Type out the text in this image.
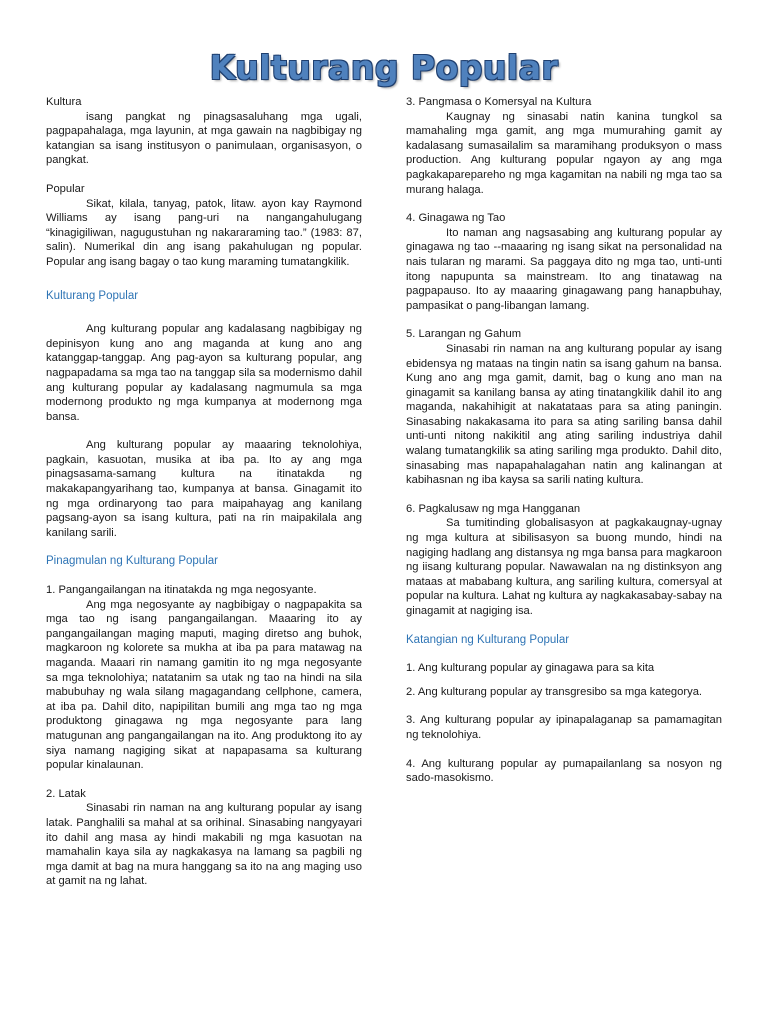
Kulturang Popular

Kultura

isang pangkat ng pinagsasaluhang mga ugali, pagpapahalaga, mga layunin, at mga gawain na nagbibigay ng katangian sa isang institusyon o panimulaan, organisasyon, o pangkat.

Popular

Sikat, kilala, tanyag, patok, litaw. ayon kay Raymond Williams ay isang pang-uri na nangangahulugang “kinagigiliwan, nagugustuhan ng nakararaming tao.” (1983: 87, salin). Numerikal din ang isang pakahulugan ng popular. Popular ang isang bagay o tao kung maraming tumatangkilik.

Kulturang Popular

Ang kulturang popular ang kadalasang nagbibigay ng depinisyon kung ano ang maganda at kung ano ang katanggap-tanggap. Ang pag-ayon sa kulturang popular, ang nagpapadama sa mga tao na tanggap sila sa modernismo dahil ang kulturang popular ay kadalasang nagmumula sa mga modernong produkto ng mga kumpanya at modernong mga bansa.

Ang kulturang popular ay maaaring teknolohiya, pagkain, kasuotan, musika at iba pa. Ito ay ang mga pinagsasama-samang kultura na itinatakda ng makakapangyarihang tao, kumpanya at bansa. Ginagamit ito ng mga ordinaryong tao para maipahayag ang kanilang pagsang-ayon sa isang kultura, pati na rin maipakilala ang kanilang sarili.

Pinagmulan ng Kulturang Popular

1. Pangangailangan na itinatakda ng mga negosyante.

Ang mga negosyante ay nagbibigay o nagpapakita sa mga tao ng isang pangangailangan. Maaaring ito ay pangangailangan maging maputi, maging diretso ang buhok, magkaroon ng kolorete sa mukha at iba pa para matawag na maganda. Maaari rin namang gamitin ito ng mga negosyante sa mga teknolohiya; natatanim sa utak ng tao na hindi na sila mabubuhay ng wala silang magagandang cellphone, camera, at iba pa. Dahil dito, napipilitan bumili ang mga tao ng mga produktong ginagawa ng mga negosyante para lang matugunan ang pangangailangan na ito. Ang produktong ito ay siya namang nagiging sikat at napapasama sa kulturang popular kinalaunan.

2. Latak

Sinasabi rin naman na ang kulturang popular ay isang latak. Panghalili sa mahal at sa orihinal. Sinasabing nangyayari ito dahil ang masa ay hindi makabili ng mga kasuotan na mamahalin kaya sila ay nagkakasya na lamang sa pagbili ng mga damit at bag na mura hanggang sa ito na ang maging uso at gamit na ng lahat.

3. Pangmasa o Komersyal na Kultura

Kaugnay ng sinasabi natin kanina tungkol sa mamahaling mga gamit, ang mga mumurahing gamit ay kadalasang sumasailalim sa maramihang produksyon o mass production. Ang kulturang popular ngayon ay ang mga pagkakapareparehо ng mga kagamitan na nabili ng mga tao sa murang halaga.

4. Ginagawa ng Tao

Ito naman ang nagsasabing ang kulturang popular ay ginagawa ng tao --maaaring ng isang sikat na personalidad na nais tularan ng marami. Sa paggaya dito ng mga tao, unti-unti itong napupunta sa mainstream. Ito ang tinatawag na pagpapauso. Ito ay maaaring ginagawang pang hanapbuhay, pampasikat o pang-libangan lamang.

5. Larangan ng Gahum

Sinasabi rin naman na ang kulturang popular ay isang ebidensya ng mataas na tingin natin sa isang gahum na bansa. Kung ano ang mga gamit, damit, bag o kung ano man na ginagamit sa kanilang bansa ay ating tinatangkilik dahil ito ang maganda, nakahihigit at nakatataas para sa ating paningin. Sinasabing nakakasama ito para sa ating sariling bansa dahil unti-unti nitong nakikitil ang ating sariling industriya dahil walang tumatangkilik sa ating sariling mga produkto. Dahil dito, sinasabing mas napapahalagahan natin ang kalinangan at kabihasnan ng iba kaysa sa sarili nating kultura.

6. Pagkalusaw ng mga Hangganan

Sa tumitinding globalisasyon at pagkakaugnay-ugnay ng mga kultura at sibilisasyon sa buong mundo, hindi na nagiging hadlang ang distansya ng mga bansa para magkaroon ng iisang kulturang popular. Nawawalan na ng distinksyon ang mataas at mababang kultura, ang sariling kultura, comersyal at popular na kultura. Lahat ng kultura ay nagkakasabay-sabay na ginagamit at nagiging isa.

Katangian ng Kulturang Popular

1. Ang kulturang popular ay ginagawa para sa kita

2. Ang kulturang popular ay transgresibo sa mga kategorya.

3. Ang kulturang popular ay ipinapalaganap sa pamamagitan ng teknolohiya.

4. Ang kulturang popular ay pumapailanlang sa nosyon ng sado-masokismo.
